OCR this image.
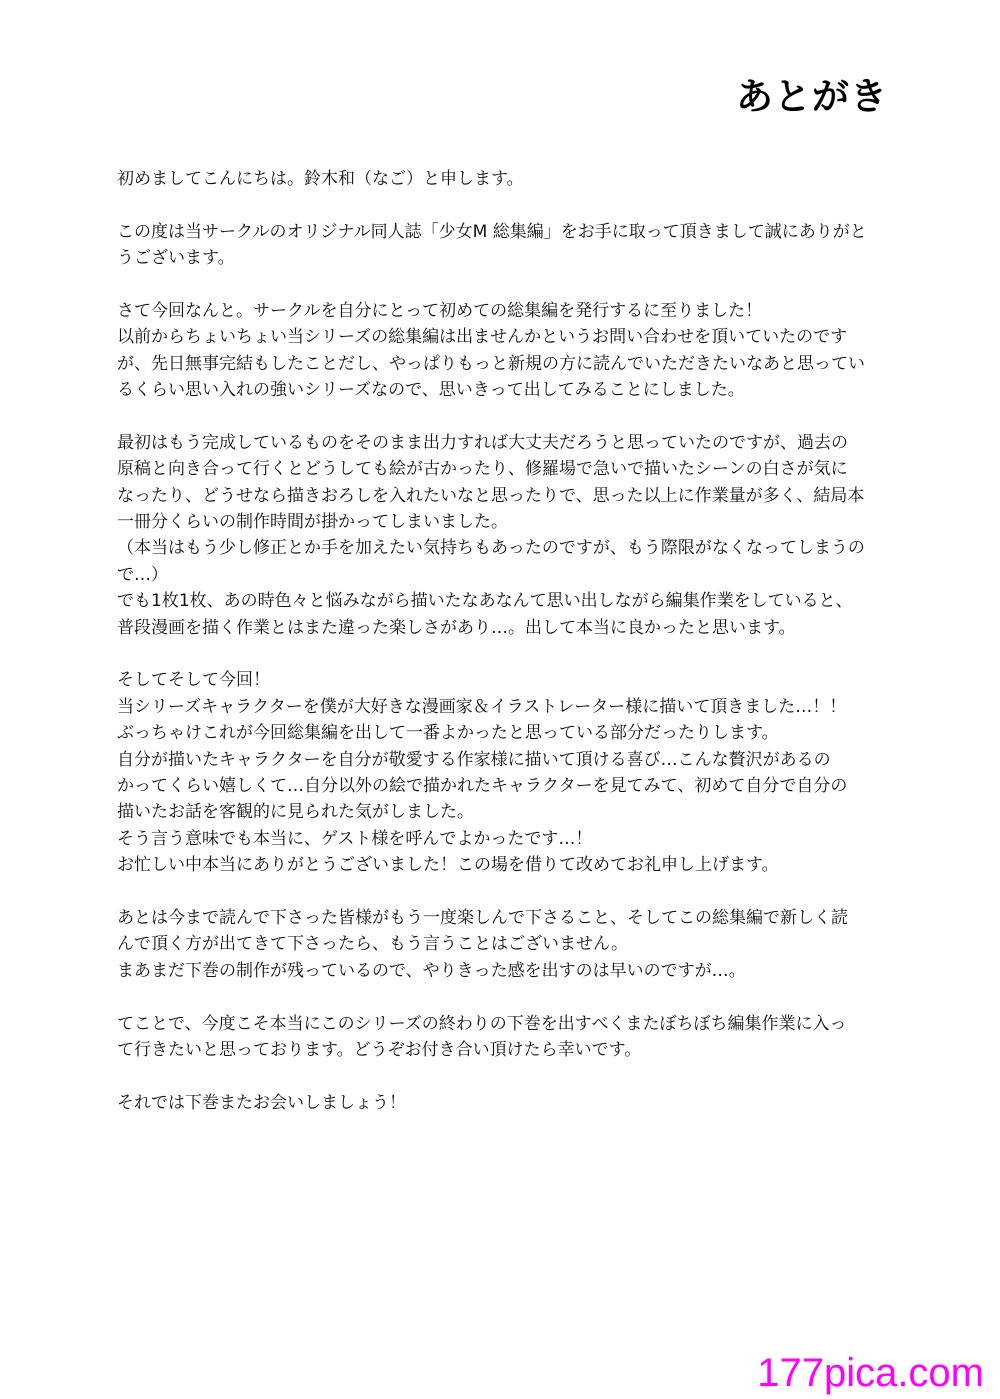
あとがき
初めましてこんにちは。鈴木和（なご）と申します。
この度は当サークルのオリジナル同人誌「少女M 総集編」をお手に取って頂きまして誠にありがと
うございます。
さて今回なんと。サークルを自分にとって初めての総集編を発行するに至りました！
以前からちょいちょい当シリーズの総集編は出ませんかというお問い合わせを頂いていたのです
が、先日無事完結もしたことだし、やっぱりもっと新規の方に読んでいただきたいなあと思ってい
るくらい思い入れの強いシリーズなので、思いきって出してみることにしました。
最初はもう完成しているものをそのまま出力すれば大丈夫だろうと思っていたのですが、過去の
原稿と向き合って行くとどうしても絵が古かったり、修羅場で急いで描いたシーンの白さが気に
なったり、どうせなら描きおろしを入れたいなと思ったりで、思った以上に作業量が多く、結局本
一冊分くらいの制作時間が掛かってしまいました。
（本当はもう少し修正とか手を加えたい気持ちもあったのですが、もう際限がなくなってしまうの
で…）
でも1枚1枚、あの時色々と悩みながら描いたなあなんて思い出しながら編集作業をしていると、
普段漫画を描く作業とはまた違った楽しさがあり…。出して本当に良かったと思います。
そしてそして今回！
当シリーズキャラクターを僕が大好きな漫画家＆イラストレーター様に描いて頂きました…！！
ぶっちゃけこれが今回総集編を出して一番よかったと思っている部分だったりします。
自分が描いたキャラクターを自分が敬愛する作家様に描いて頂ける喜び…こんな贅沢があるの
かってくらい嬉しくて…自分以外の絵で描かれたキャラクターを見てみて、初めて自分で自分の
描いたお話を客観的に見られた気がしました。
そう言う意味でも本当に、ゲスト様を呼んでよかったです…！
お忙しい中本当にありがとうございました！この場を借りて改めてお礼申し上げます。
あとは今まで読んで下さった皆様がもう一度楽しんで下さること、そしてこの総集編で新しく読
んで頂く方が出てきて下さったら、もう言うことはございません。
まあまだ下巻の制作が残っているので、やりきった感を出すのは早いのですが…。
てことで、今度こそ本当にこのシリーズの終わりの下巻を出すべくまたぼちぼち編集作業に入っ
て行きたいと思っております。どうぞお付き合い頂けたら幸いです。
それでは下巻またお会いしましょう！
177pica.com
